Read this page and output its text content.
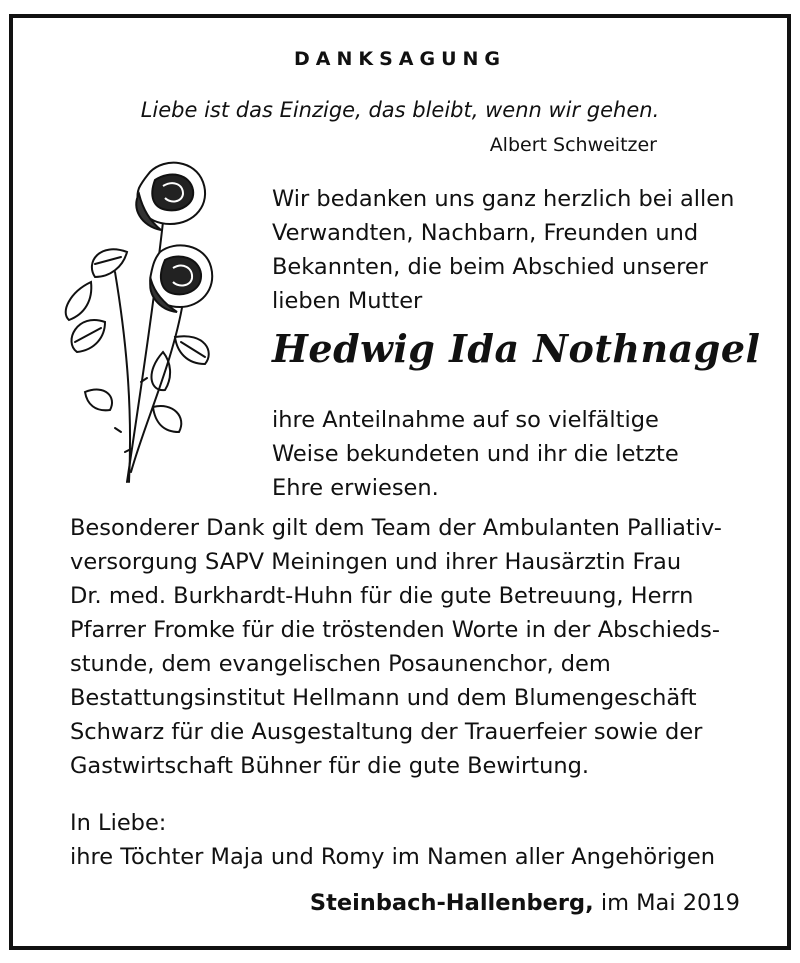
DANKSAGUNG
Liebe ist das Einzige, das bleibt, wenn wir gehen.
Albert Schweitzer
Wir bedanken uns ganz herzlich bei allen
Verwandten, Nachbarn, Freunden und
Bekannten, die beim Abschied unserer
lieben Mutter
Hedwig Ida Nothnagel
ihre Anteilnahme auf so vielfältige
Weise bekundeten und ihr die letzte
Ehre erwiesen.
Besonderer Dank gilt dem Team der Ambulanten Palliativ-
versorgung SAPV Meiningen und ihrer Hausärztin Frau
Dr. med. Burkhardt-Huhn für die gute Betreuung, Herrn
Pfarrer Fromke für die tröstenden Worte in der Abschieds-
stunde, dem evangelischen Posaunenchor, dem
Bestattungsinstitut Hellmann und dem Blumengeschäft
Schwarz für die Ausgestaltung der Trauerfeier sowie der
Gastwirtschaft Bühner für die gute Bewirtung.
In Liebe:
ihre Töchter Maja und Romy im Namen aller Angehörigen
Steinbach-Hallenberg, im Mai 2019
